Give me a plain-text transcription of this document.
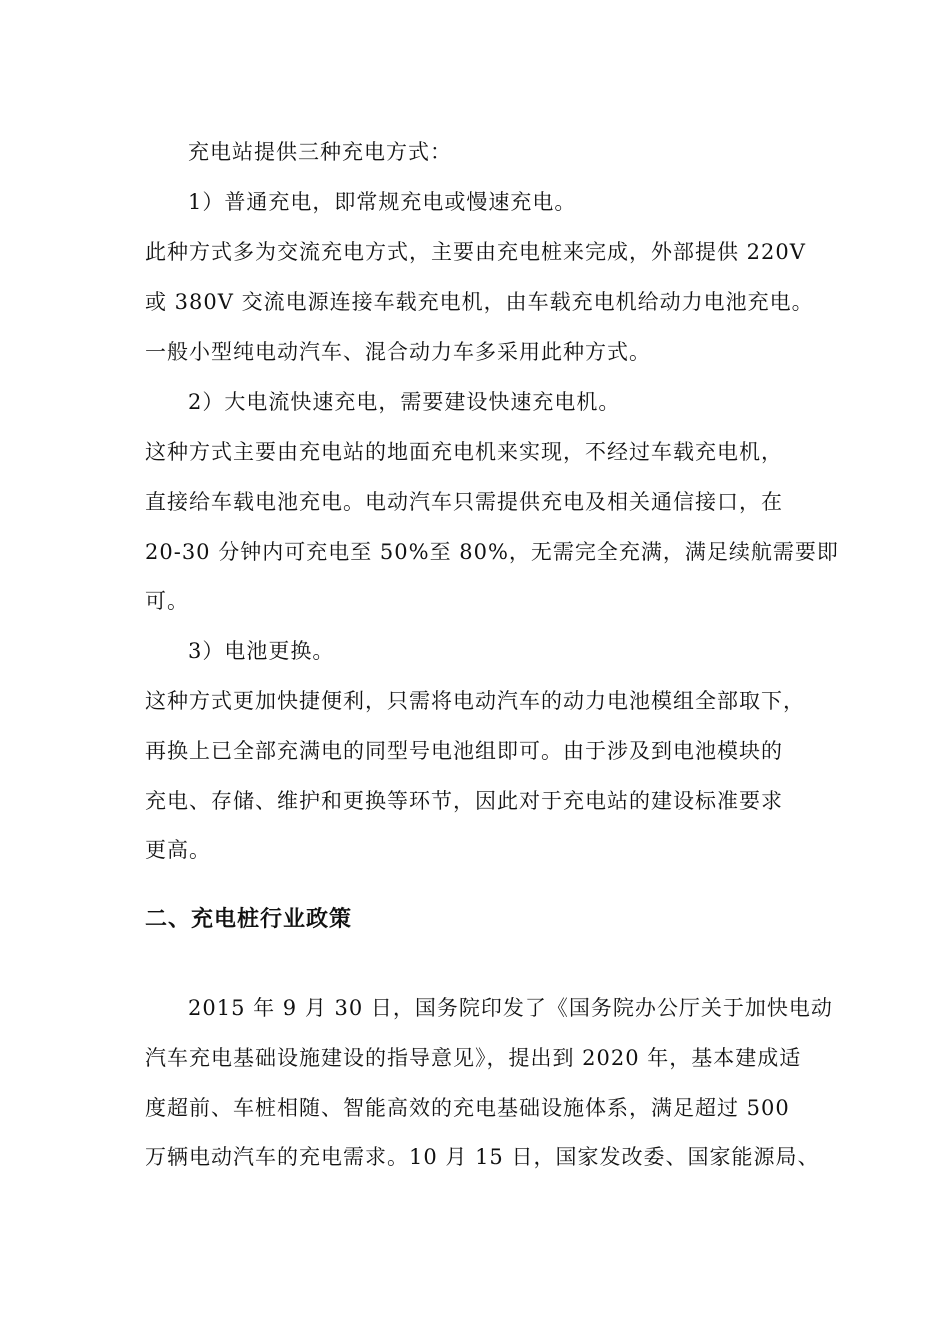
充电站提供三种充电方式：
1）普通充电，即常规充电或慢速充电。
此种方式多为交流充电方式，主要由充电桩来完成，外部提供 220V
或 380V 交流电源连接车载充电机，由车载充电机给动力电池充电。
一般小型纯电动汽车、混合动力车多采用此种方式。
2）大电流快速充电，需要建设快速充电机。
这种方式主要由充电站的地面充电机来实现，不经过车载充电机，
直接给车载电池充电。电动汽车只需提供充电及相关通信接口，在
20-30 分钟内可充电至 50%至 80%，无需完全充满，满足续航需要即
可。
3）电池更换。
这种方式更加快捷便利，只需将电动汽车的动力电池模组全部取下，
再换上已全部充满电的同型号电池组即可。由于涉及到电池模块的
充电、存储、维护和更换等环节，因此对于充电站的建设标准要求
更高。
二、充电桩行业政策
2015 年 9 月 30 日，国务院印发了《国务院办公厅关于加快电动
汽车充电基础设施建设的指导意见》，提出到 2020 年，基本建成适
度超前、车桩相随、智能高效的充电基础设施体系，满足超过 500
万辆电动汽车的充电需求。10 月 15 日，国家发改委、国家能源局、
